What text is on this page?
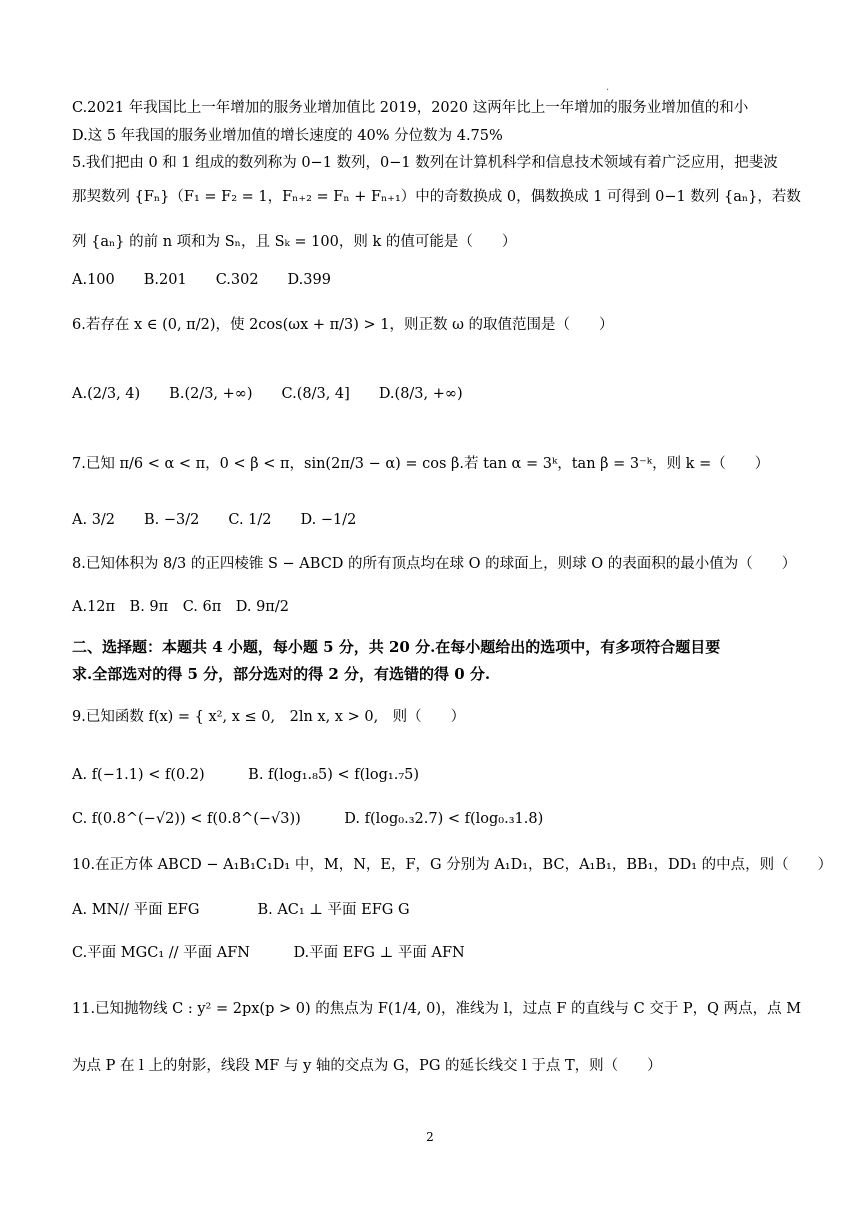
.
C.2021 年我国比上一年增加的服务业增加值比 2019，2020 这两年比上一年增加的服务业增加值的和小
D.这 5 年我国的服务业增加值的增长速度的 40% 分位数为 4.75%
5.我们把由 0 和 1 组成的数列称为 0−1 数列，0−1 数列在计算机科学和信息技术领域有着广泛应用，把斐波
那契数列 {Fₙ}（F₁ = F₂ = 1，Fₙ₊₂ = Fₙ + Fₙ₊₁）中的奇数换成 0，偶数换成 1 可得到 0−1 数列 {aₙ}，若数
列 {aₙ} 的前 n 项和为 Sₙ，且 Sₖ = 100，则 k 的值可能是（　　）
A.100　　B.201　　C.302　　D.399
6.若存在 x ∈ (0, π/2)，使 2cos(ωx + π/3) > 1，则正数 ω 的取值范围是（　　）
A.(2/3, 4)　　B.(2/3, +∞)　　C.(8/3, 4]　　D.(8/3, +∞)
7.已知 π/6 < α < π，0 < β < π，sin(2π/3 − α) = cos β.若 tan α = 3ᵏ，tan β = 3⁻ᵏ，则 k =（　　）
A. 3/2　　B. −3/2　　C. 1/2　　D. −1/2
8.已知体积为 8/3 的正四棱锥 S − ABCD 的所有顶点均在球 O 的球面上，则球 O 的表面积的最小值为（　　）
A.12π　B. 9π　C. 6π　D. 9π/2
二、选择题：本题共 4 小题，每小题 5 分，共 20 分.在每小题给出的选项中，有多项符合题目要
求.全部选对的得 5 分，部分选对的得 2 分，有选错的得 0 分.
9.已知函数 f(x) = { x², x ≤ 0,　2ln x, x > 0,　则（　　）
A. f(−1.1) < f(0.2)　　　B. f(log₁.₈5) < f(log₁.₇5)
C. f(0.8^(−√2)) < f(0.8^(−√3))　　　D. f(log₀.₃2.7) < f(log₀.₃1.8)
10.在正方体 ABCD − A₁B₁C₁D₁ 中，M，N，E，F，G 分别为 A₁D₁，BC，A₁B₁，BB₁，DD₁ 的中点，则（　　）
A. MN// 平面 EFG　　　　B. AC₁ ⊥ 平面 EFG G
C.平面 MGC₁ // 平面 AFN　　　D.平面 EFG ⊥ 平面 AFN
11.已知抛物线 C : y² = 2px(p > 0) 的焦点为 F(1/4, 0)，准线为 l，过点 F 的直线与 C 交于 P，Q 两点，点 M
为点 P 在 l 上的射影，线段 MF 与 y 轴的交点为 G，PG 的延长线交 l 于点 T，则（　　）
2
